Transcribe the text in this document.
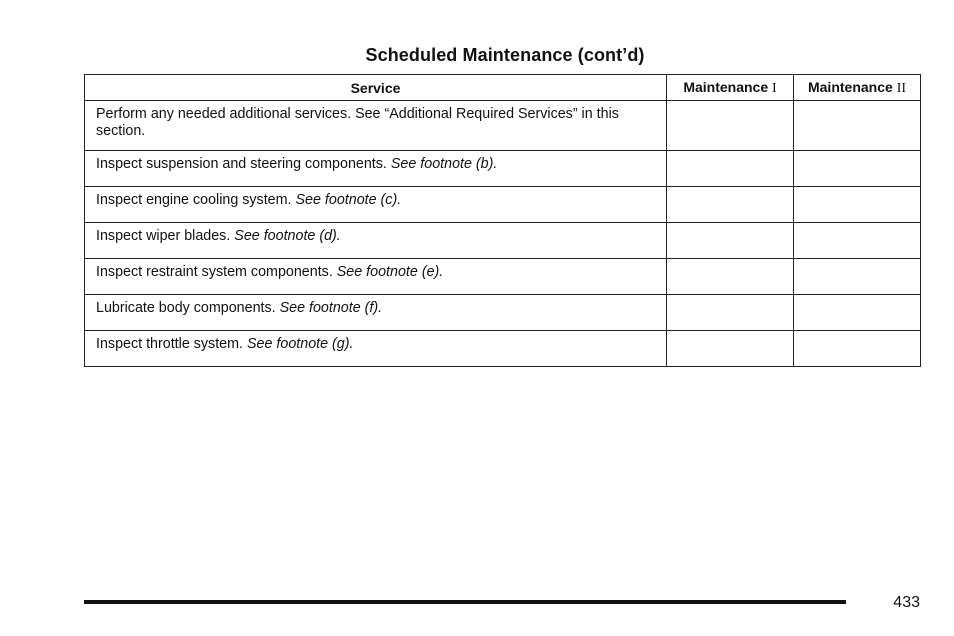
Scheduled Maintenance (cont’d)
Service	Maintenance I	Maintenance II
Perform any needed additional services. See “Additional Required Services” in this section.		
Inspect suspension and steering components. See footnote (b).		
Inspect engine cooling system. See footnote (c).		
Inspect wiper blades. See footnote (d).		
Inspect restraint system components. See footnote (e).		
Lubricate body components. See footnote (f).		
Inspect throttle system. See footnote (g).		
433
